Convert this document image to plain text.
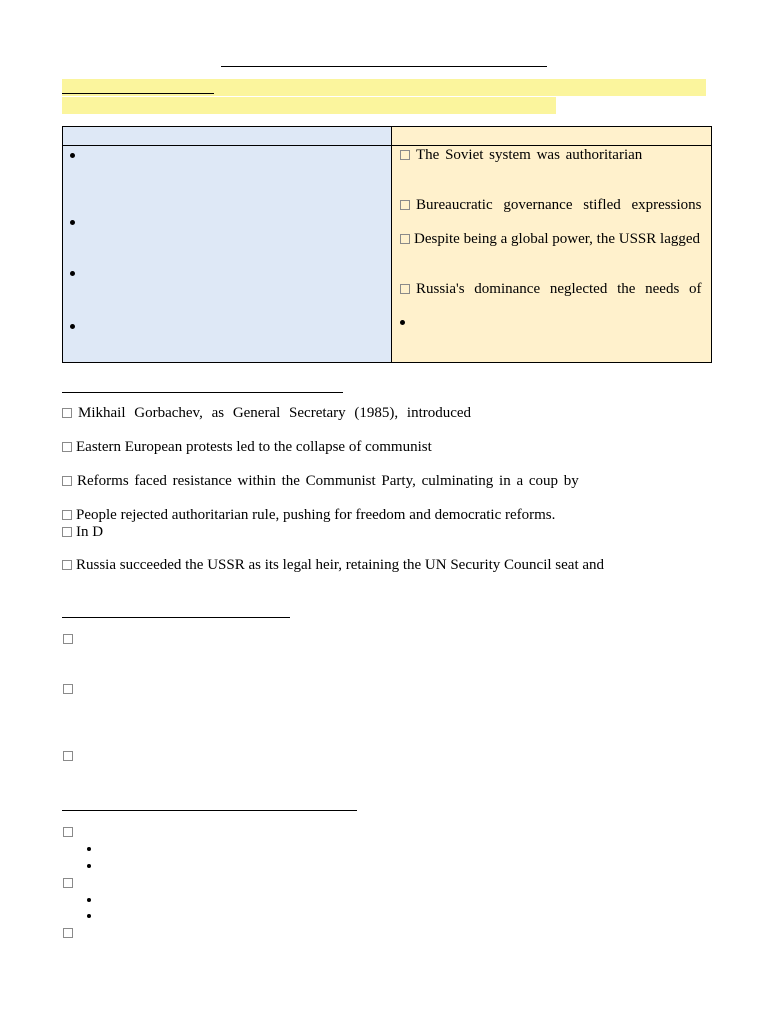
The Soviet system was authoritarian
Bureaucratic governance stifled expressions
Despite being a global power, the USSR lagged
Russia's dominance neglected the needs of
Mikhail Gorbachev, as General Secretary (1985), introduced
Eastern European protests led to the collapse of communist
Reforms faced resistance within the Communist Party, culminating in a coup by
People rejected authoritarian rule, pushing for freedom and democratic reforms.
In D
Russia succeeded the USSR as its legal heir, retaining the UN Security Council seat and
